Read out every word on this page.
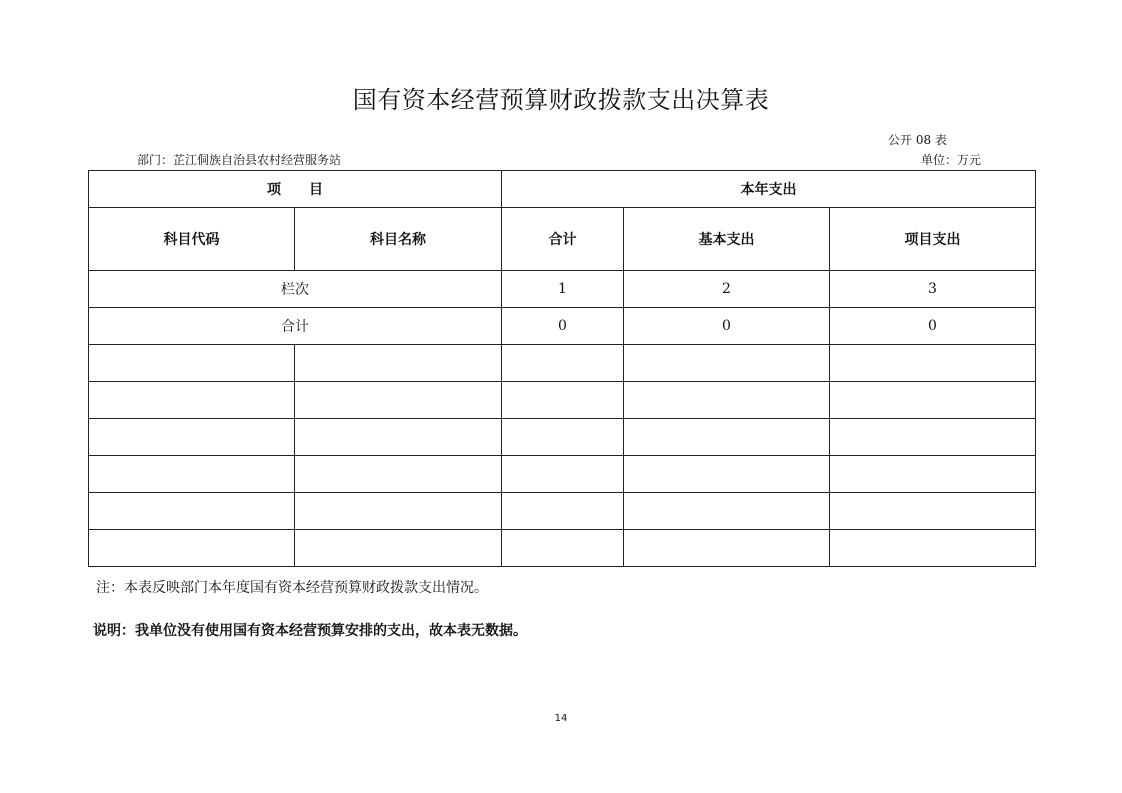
国有资本经营预算财政拨款支出决算表
公开 08 表
部门：芷江侗族自治县农村经营服务站	单位：万元
项　　目		本年支出		
科目代码	科目名称	合计	基本支出	项目支出
栏次		1	2	3
合计		0	0	0

注：本表反映部门本年度国有资本经营预算财政拨款支出情况。
说明：我单位没有使用国有资本经营预算安排的支出，故本表无数据。
14
